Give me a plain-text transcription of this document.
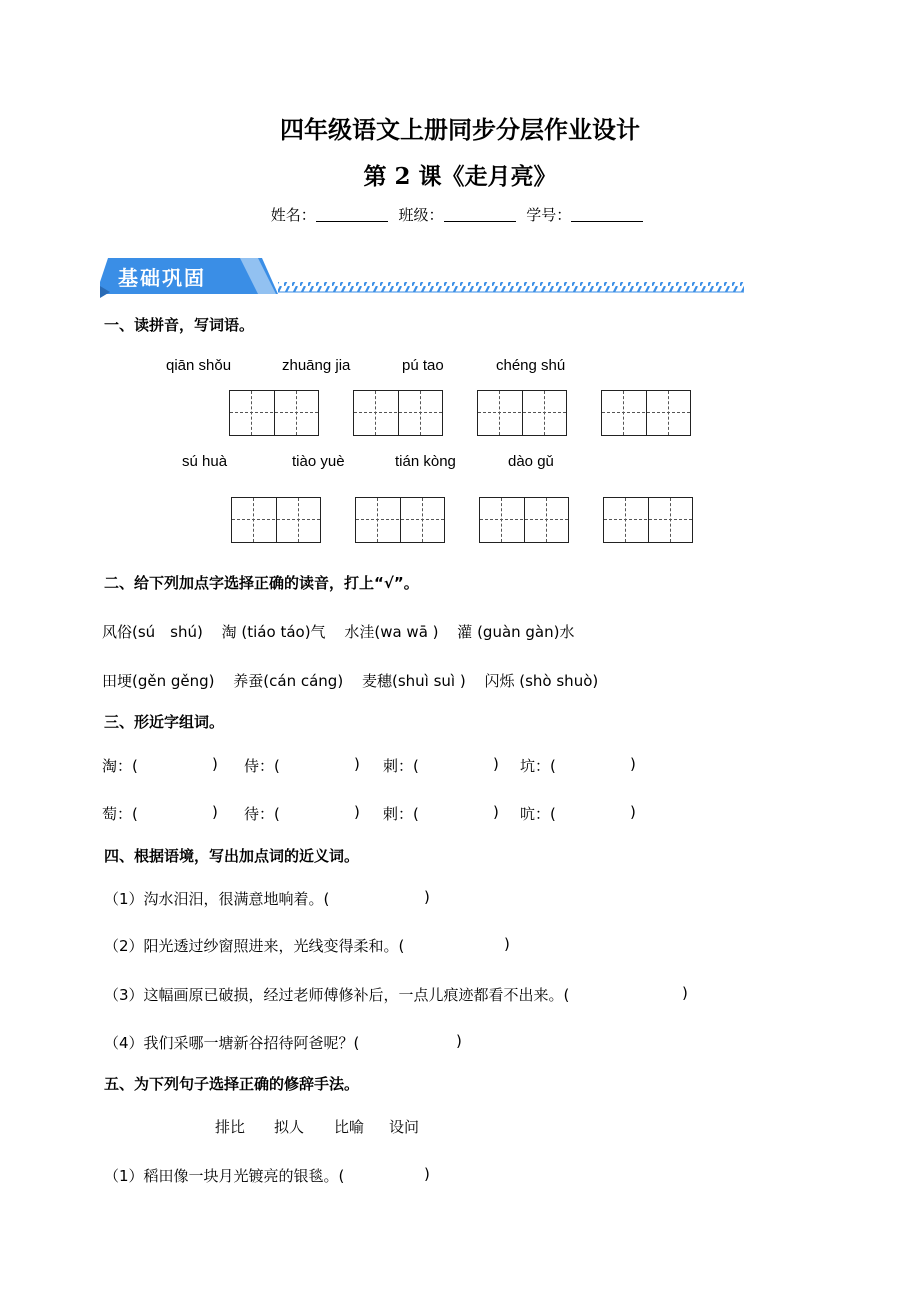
四年级语文上册同步分层作业设计
第 2 课《走月亮》
姓名：	班级：	学号：
基础巩固
一、读拼音，写词语。
qiān shǒu	zhuāng jia	pú tao	chéng shú
sú huà	tiào yuè	tián kòng	dào gǔ
二、给下列加点字选择正确的读音，打上“√”。
风俗(sú　shú) 淘 (tiáo táo)气 水洼(wa wā ) 灌 (guàn gàn)水
田埂(gěn gěng) 养蚕(cán cáng) 麦穗(shuì suì ) 闪烁 (shò shuò)
三、形近字组词。
淘：(	) 侍：(	) 刺：(	) 坑：(	)
萄：(	) 待：(	) 剌：(	) 吭：(	)
四、根据语境，写出加点词的近义词。
（1）沟水汨汨，很满意地响着。(	)
（2）阳光透过纱窗照进来，光线变得柔和。(	)
（3）这幅画原已破损，经过老师傅修补后，一点儿痕迹都看不出来。(	)
（4）我们采哪一塘新谷招待阿爸呢？(	)
五、为下列句子选择正确的修辞手法。
排比 拟人 比喻 设问
（1）稻田像一块月光镀亮的银毯。(	)
